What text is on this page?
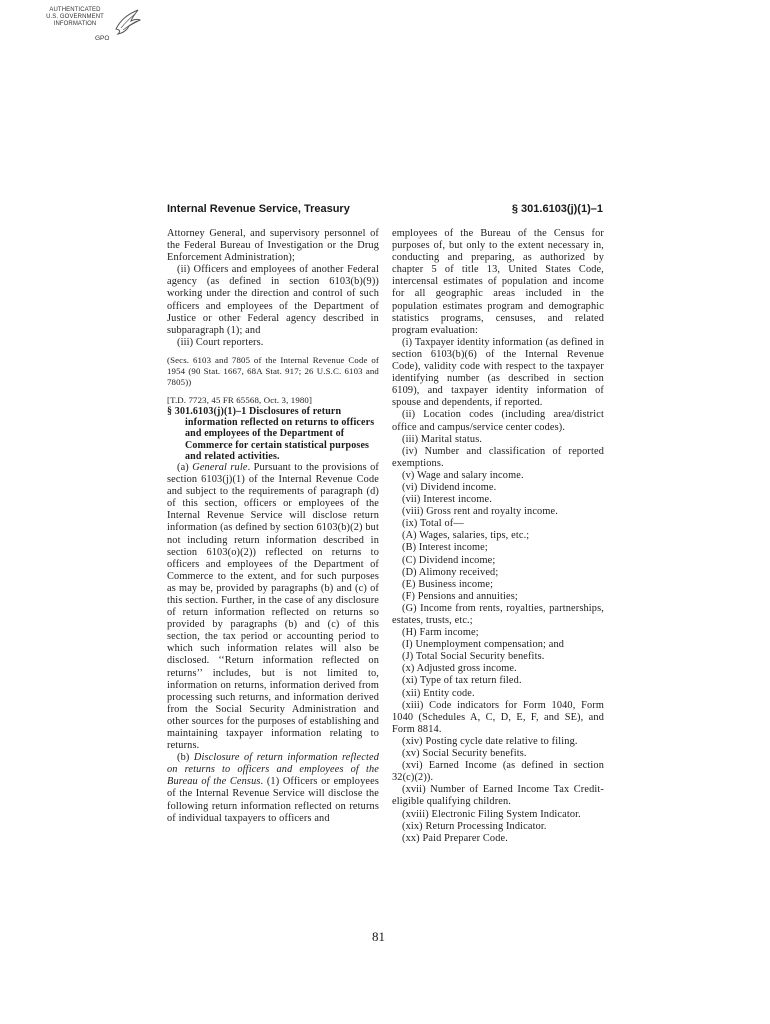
AUTHENTICATED
U.S. GOVERNMENT
INFORMATION
GPO
Internal Revenue Service, Treasury	§ 301.6103(j)(1)–1

Attorney General, and supervisory personnel of the Federal Bureau of Investigation or the Drug Enforcement Administration);

(ii) Officers and employees of another Federal agency (as defined in section 6103(b)(9)) working under the direction and control of such officers and employees of the Department of Justice or other Federal agency described in subparagraph (1); and

(iii) Court reporters.

(Secs. 6103 and 7805 of the Internal Revenue Code of 1954 (90 Stat. 1667, 68A Stat. 917; 26 U.S.C. 6103 and 7805))

[T.D. 7723, 45 FR 65568, Oct. 3, 1980]

§ 301.6103(j)(1)–1 Disclosures of return information reflected on returns to officers and employees of the Department of Commerce for certain statistical purposes and related activities.

(a) General rule. Pursuant to the provisions of section 6103(j)(1) of the Internal Revenue Code and subject to the requirements of paragraph (d) of this section, officers or employees of the Internal Revenue Service will disclose return information (as defined by section 6103(b)(2) but not including return information described in section 6103(o)(2)) reflected on returns to officers and employees of the Department of Commerce to the extent, and for such purposes as may be, provided by paragraphs (b) and (c) of this section. Further, in the case of any disclosure of return information reflected on returns so provided by paragraphs (b) and (c) of this section, the tax period or accounting period to which such information relates will also be disclosed. ‘‘Return information reflected on returns’’ includes, but is not limited to, information on returns, information derived from processing such returns, and information derived from the Social Security Administration and other sources for the purposes of establishing and maintaining taxpayer information relating to returns.

(b) Disclosure of return information reflected on returns to officers and employees of the Bureau of the Census. (1) Officers or employees of the Internal Revenue Service will disclose the following return information reflected on returns of individual taxpayers to officers and

employees of the Bureau of the Census for purposes of, but only to the extent necessary in, conducting and preparing, as authorized by chapter 5 of title 13, United States Code, intercensal estimates of population and income for all geographic areas included in the population estimates program and demographic statistics programs, censuses, and related program evaluation:

(i) Taxpayer identity information (as defined in section 6103(b)(6) of the Internal Revenue Code), validity code with respect to the taxpayer identifying number (as described in section 6109), and taxpayer identity information of spouse and dependents, if reported.

(ii) Location codes (including area/district office and campus/service center codes).

(iii) Marital status.

(iv) Number and classification of reported exemptions.

(v) Wage and salary income.

(vi) Dividend income.

(vii) Interest income.

(viii) Gross rent and royalty income.

(ix) Total of—

(A) Wages, salaries, tips, etc.;

(B) Interest income;

(C) Dividend income;

(D) Alimony received;

(E) Business income;

(F) Pensions and annuities;

(G) Income from rents, royalties, partnerships, estates, trusts, etc.;

(H) Farm income;

(I) Unemployment compensation; and

(J) Total Social Security benefits.

(x) Adjusted gross income.

(xi) Type of tax return filed.

(xii) Entity code.

(xiii) Code indicators for Form 1040, Form 1040 (Schedules A, C, D, E, F, and SE), and Form 8814.

(xiv) Posting cycle date relative to filing.

(xv) Social Security benefits.

(xvi) Earned Income (as defined in section 32(c)(2)).

(xvii) Number of Earned Income Tax Credit-eligible qualifying children.

(xviii) Electronic Filing System Indicator.

(xix) Return Processing Indicator.

(xx) Paid Preparer Code.

81
